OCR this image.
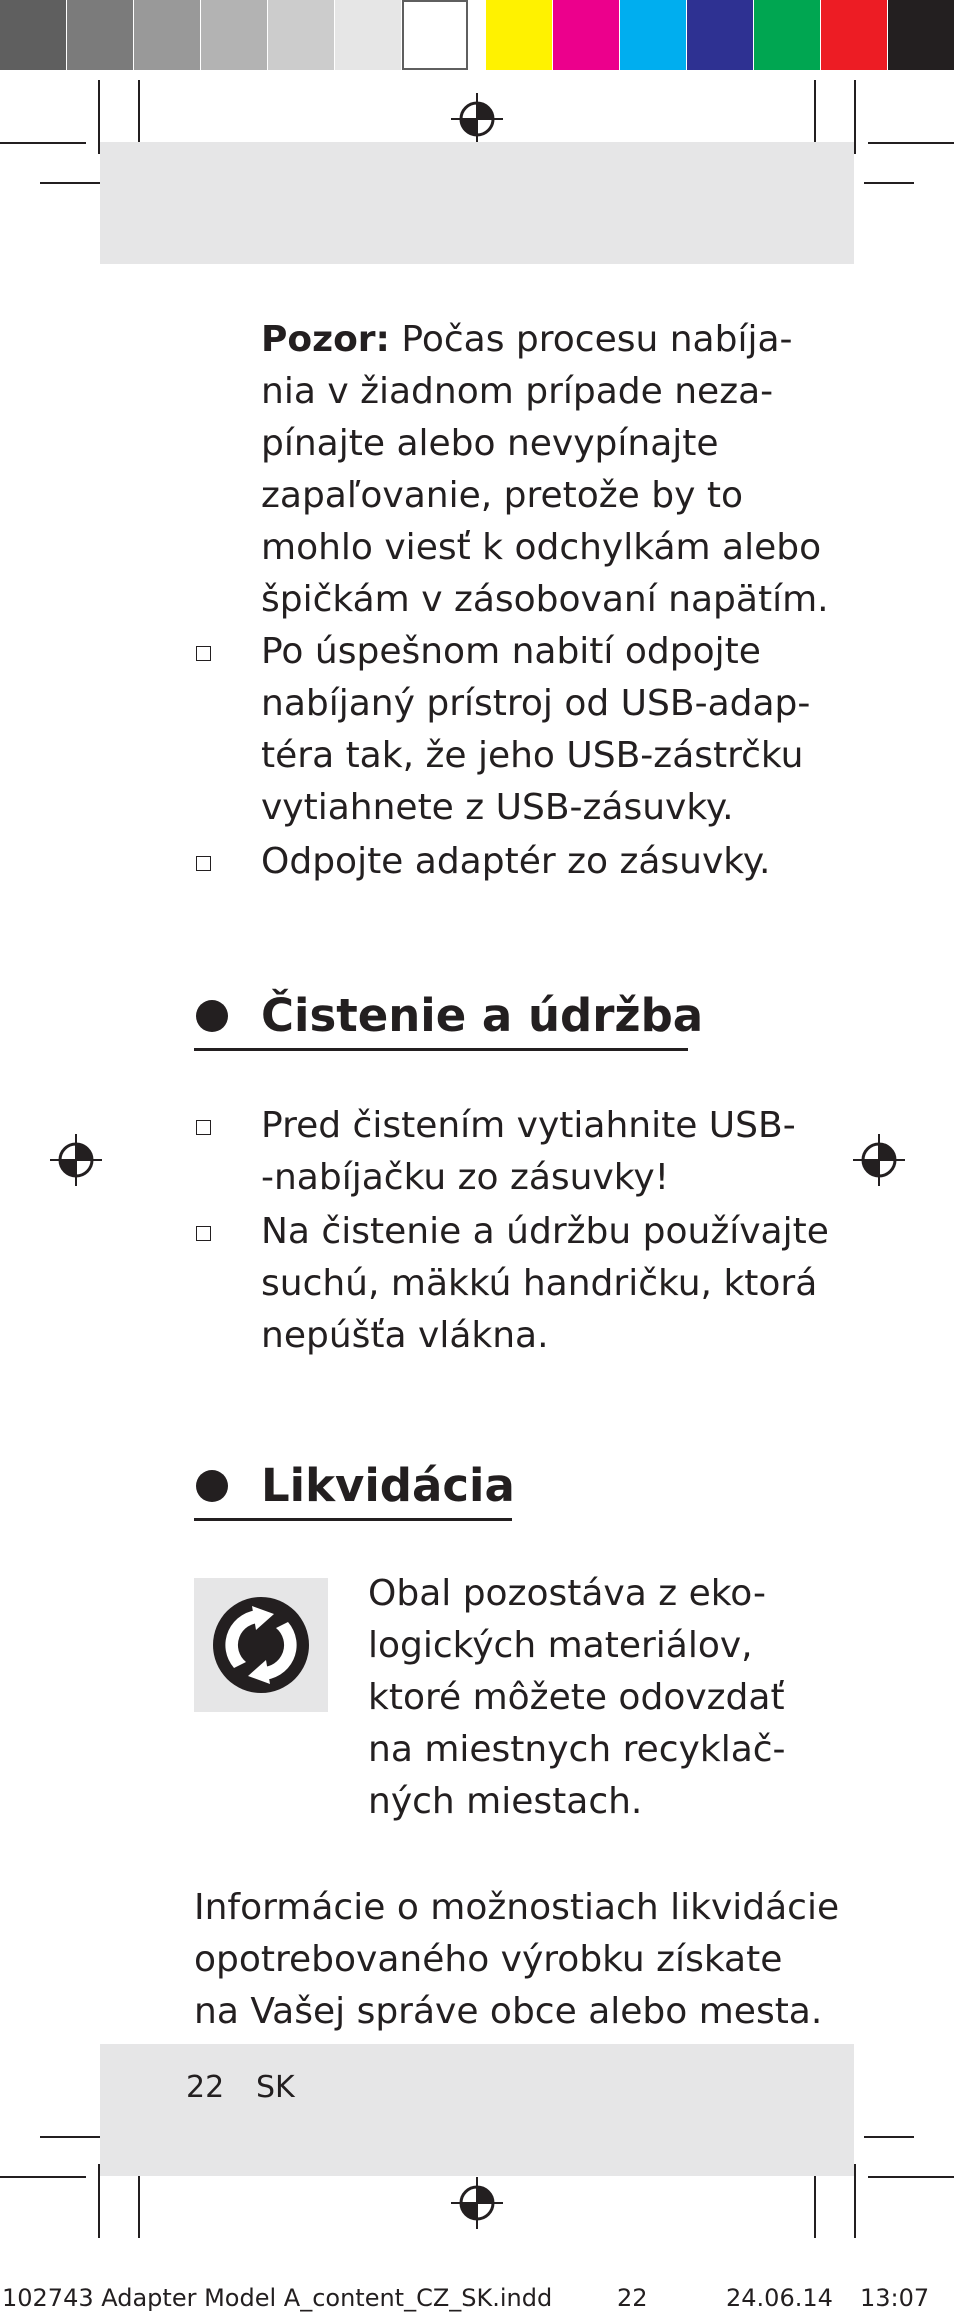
Pozor: Počas procesu nabíja-
nia v žiadnom prípade neza-
pínajte alebo nevypínajte
zapaľovanie, pretože by to
mohlo viesť k odchylkám alebo
špičkám v zásobovaní napätím.
Po úspešnom nabití odpojte
nabíjaný prístroj od USB-adap-
téra tak, že jeho USB-zástrčku
vytiahnete z USB-zásuvky.
Odpojte adaptér zo zásuvky.
Čistenie a údržba
Pred čistením vytiahnite USB-
-nabíjačku zo zásuvky!
Na čistenie a údržbu používajte
suchú, mäkkú handričku, ktorá
nepúšťa vlákna.
Likvidácia
Obal pozostáva z eko-
logických materiálov,
ktoré môžete odovzdať
na miestnych recyklač-
ných miestach.
Informácie o možnostiach likvidácie
opotrebovaného výrobku získate
na Vašej správe obce alebo mesta.
22 SK
102743 Adapter Model A_content_CZ_SK.indd	22	24.06.14 13:07
